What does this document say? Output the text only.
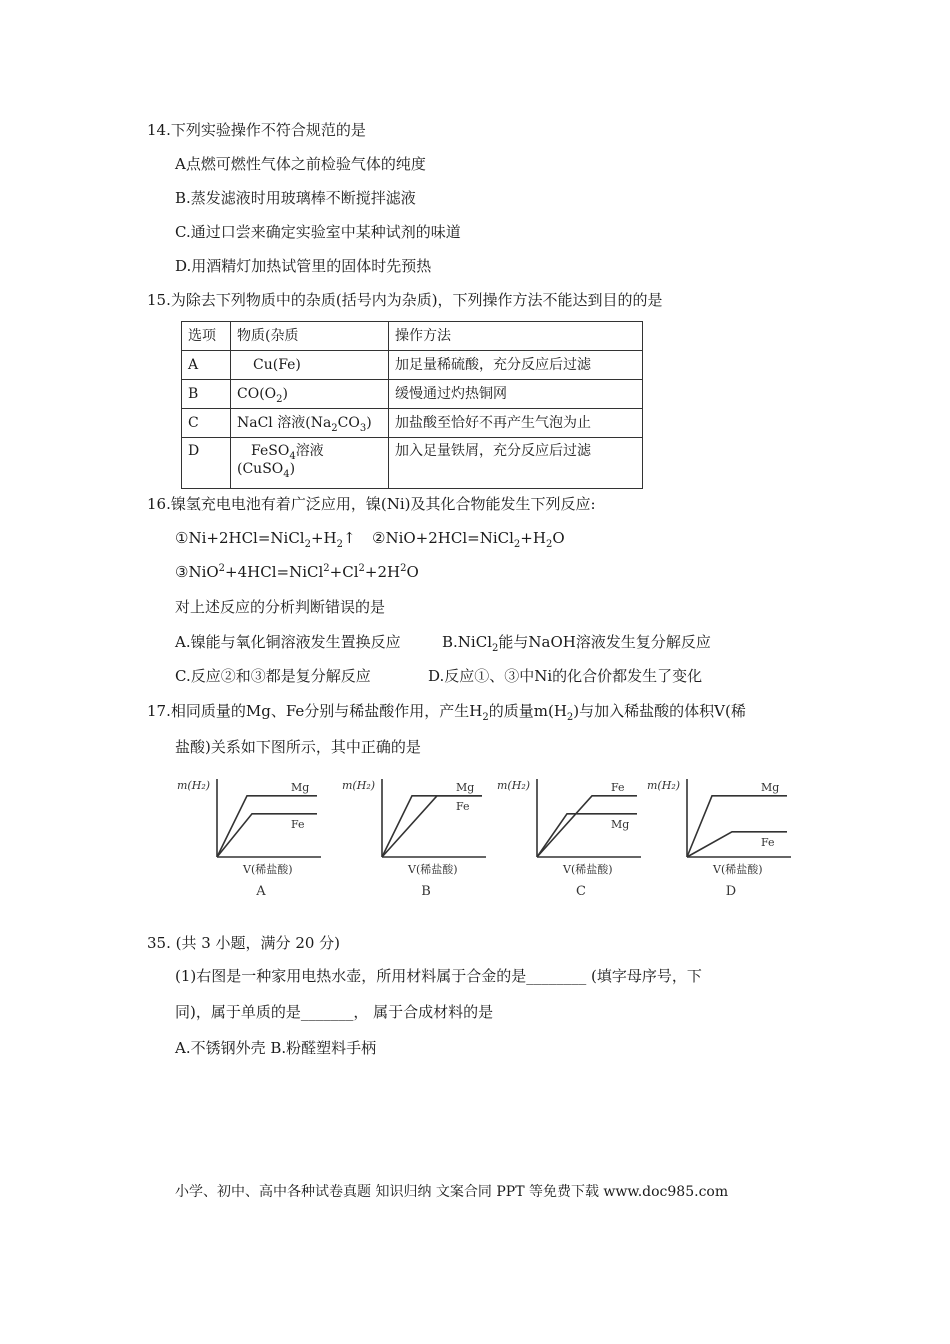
14.下列实验操作不符合规范的是
A点燃可燃性气体之前检验气体的纯度
B.蒸发滤液时用玻璃棒不断搅拌滤液
C.通过口尝来确定实验室中某种试剂的味道
D.用酒精灯加热试管里的固体时先预热
15.为除去下列物质中的杂质(括号内为杂质)，下列操作方法不能达到目的的是
选项	物质(杂质	操作方法
A	Cu(Fe)	加足量稀硫酸，充分反应后过滤
B	$CO(O_2)$	缓慢通过灼热铜网
C	NaCl 溶液$(Na_2CO_3)$	加盐酸至恰好不再产生气泡为止
D	FeSO$_4$溶液
(CuSO$_4$)	加入足量铁屑，充分反应后过滤
16.镍氢充电电池有着广泛应用，镍(Ni)及其化合物能发生下列反应:
$①Ni+2HCl=NiCl_2+H_2↑$ $②NiO+2HCl=NiCl_2+H_2O$
$③NiO^2+4HCl=NiCl^2+Cl^2+2H^2O$
对上述反应的分析判断错误的是
A.镍能与氧化铜溶液发生置换反应	B.NiCl$_2$能与NaOH溶液发生复分解反应
C.反应②和③都是复分解反应	D.反应①、③中Ni的化合价都发生了变化
17.相同质量的Mg、Fe分别与稀盐酸作用，产生$H_2$的质量$m(H_2)$与加入稀盐酸的体积V(稀
盐酸)关系如下图所示，其中正确的是
m(H₂)
V(稀盐酸)
Mg
Fe
A
m(H₂)
V(稀盐酸)
Mg
Fe
B
m(H₂)
V(稀盐酸)
Fe
Mg
C
m(H₂)
V(稀盐酸)
Mg
Fe
D
35. (共 3 小题，满分 20 分)
(1)右图是一种家用电热水壶，所用材料属于合金的是________ (填字母序号，下
同)，属于单质的是_______， 属于合成材料的是
A.不锈钢外壳 B.粉醛塑料手柄
小学、初中、高中各种试卷真题 知识归纳 文案合同 PPT 等免费下载 www.doc985.com
